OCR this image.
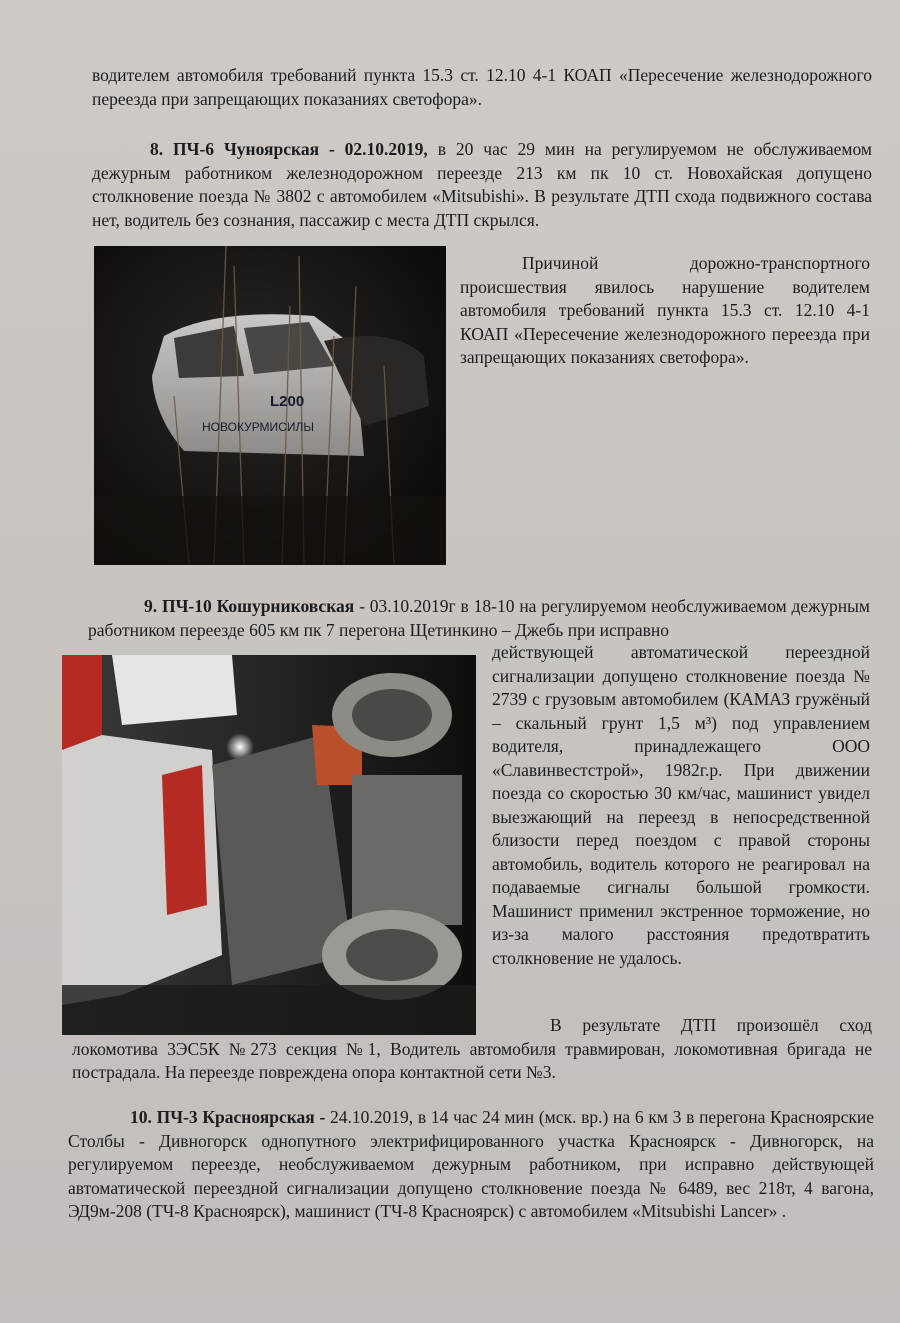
водителем автомобиля требований пункта 15.3 ст. 12.10 4-1 КОАП «Пересечение железнодорожного переезда при запрещающих показаниях светофора».

8. ПЧ-6 Чуноярская - 02.10.2019, в 20 час 29 мин на регулируемом не обслуживаемом дежурным работником железнодорожном переезде 213 км пк 10 ст. Новохайская допущено столкновение поезда № 3802 с автомобилем «Mitsubishi». В результате ДТП схода подвижного состава нет, водитель без сознания, пассажир с места ДТП скрылся.

L200
НОВОКУРМИСИЛЫ

Причиной дорожно-транспортного происшествия явилось нарушение водителем автомобиля требований пункта 15.3 ст. 12.10 4-1 КОАП «Пересечение железнодорожного переезда при запрещающих показаниях светофора».

9. ПЧ-10 Кошурниковская - 03.10.2019г в 18-10 на регулируемом необслуживаемом дежурным работником переезде 605 км пк 7 перегона Щетинкино – Джебь при исправно

действующей автоматической переездной сигнализации допущено столкновение поезда № 2739 с грузовым автомобилем (КАМАЗ гружёный – скальный грунт 1,5 м³) под управлением водителя, принадлежащего ООО «Славинвестстрой», 1982г.р. При движении поезда со скоростью 30 км/час, машинист увидел выезжающий на переезд в непосредственной близости перед поездом с правой стороны автомобиль, водитель которого не реагировал на подаваемые сигналы большой громкости. Машинист применил экстренное торможение, но из-за малого расстояния предотвратить столкновение не удалось.

В результате ДТП произошёл сход локомотива 3ЭС5К №273 секция №1, Водитель автомобиля травмирован, локомотивная бригада не пострадала. На переезде повреждена опора контактной сети №3.

10. ПЧ-3 Красноярская - 24.10.2019, в 14 час 24 мин (мск. вр.) на 6 км 3 в перегона Красноярские Столбы - Дивногорск однопутного электрифицированного участка Красноярск - Дивногорск, на регулируемом переезде, необслуживаемом дежурным работником, при исправно действующей автоматической переездной сигнализации допущено столкновение поезда № 6489, вес 218т, 4 вагона, ЭД9м-208 (ТЧ-8 Красноярск), машинист (ТЧ-8 Красноярск) с автомобилем «Mitsubishi Lancer» .
